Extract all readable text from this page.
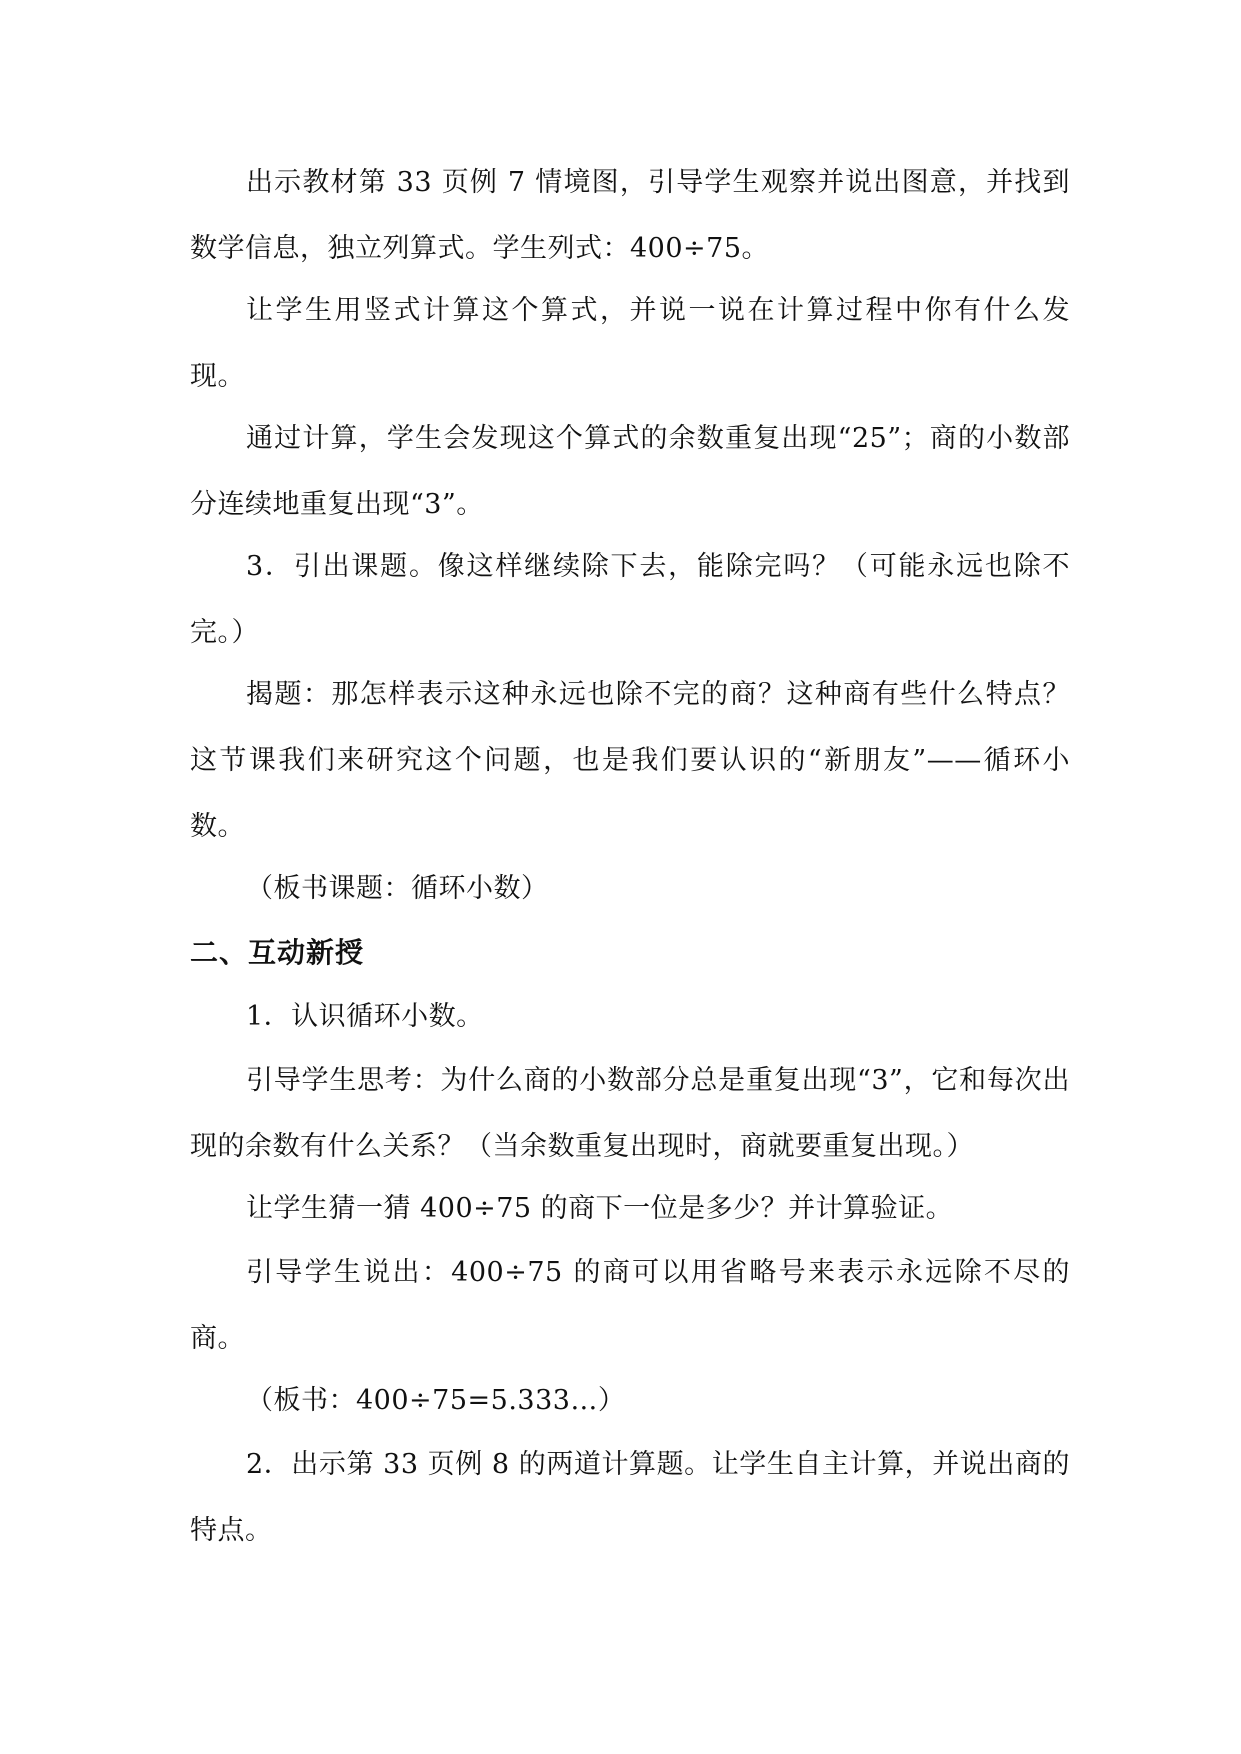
出示教材第 33 页例 7 情境图，引导学生观察并说出图意，并找到数学信息，独立列算式。学生列式：400÷75。

让学生用竖式计算这个算式，并说一说在计算过程中你有什么发现。

通过计算，学生会发现这个算式的余数重复出现“25”；商的小数部分连续地重复出现“3”。

3．引出课题。像这样继续除下去，能除完吗？（可能永远也除不完。）

揭题：那怎样表示这种永远也除不完的商？这种商有些什么特点？这节课我们来研究这个问题，也是我们要认识的“新朋友”——循环小数。

（板书课题：循环小数）

二、互动新授

1．认识循环小数。

引导学生思考：为什么商的小数部分总是重复出现“3”，它和每次出现的余数有什么关系？（当余数重复出现时，商就要重复出现。）

让学生猜一猜 400÷75 的商下一位是多少？并计算验证。

引导学生说出：400÷75 的商可以用省略号来表示永远除不尽的商。

（板书：400÷75=5.333…）

2．出示第 33 页例 8 的两道计算题。让学生自主计算，并说出商的特点。
